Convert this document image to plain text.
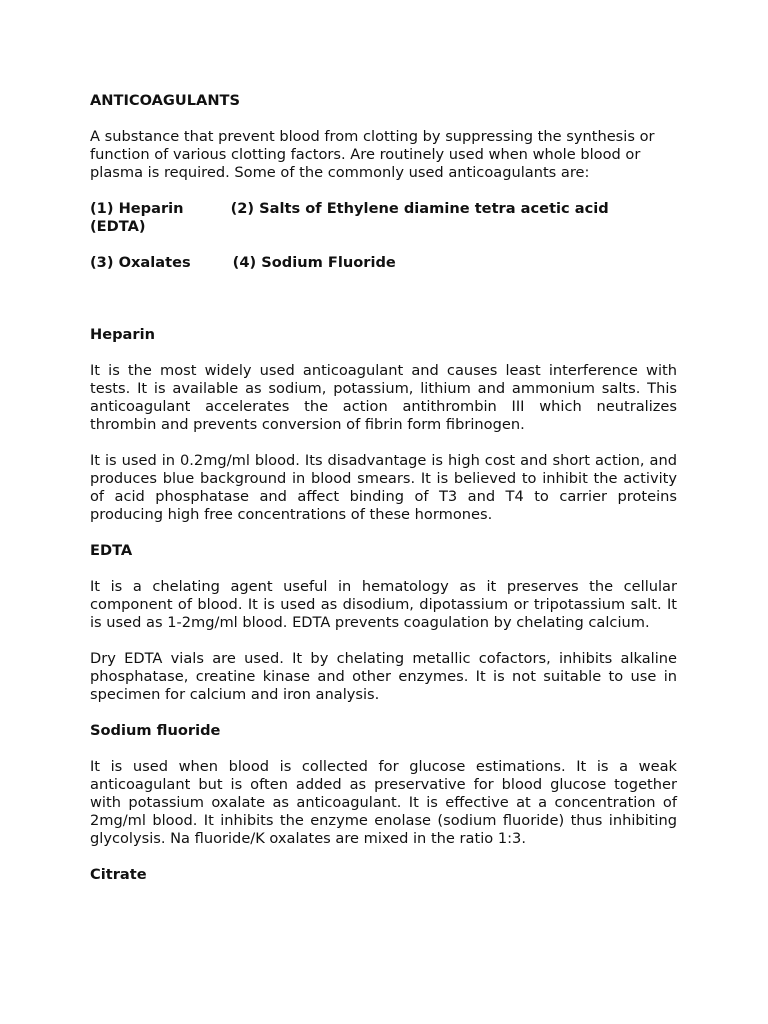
ANTICOAGULANTS
A substance that prevent blood from clotting by suppressing the synthesis or function of various clotting factors. Are routinely used when whole blood or plasma is required. Some of the commonly used anticoagulants are:
(1) Heparin	(2) Salts of Ethylene diamine tetra acetic acid
(EDTA)
(3) Oxalates	(4) Sodium Fluoride
Heparin
It is the most widely used anticoagulant and causes least interference with tests. It is available as sodium, potassium, lithium and ammonium salts. This anticoagulant accelerates the action antithrombin III which neutralizes thrombin and prevents conversion of fibrin form fibrinogen.
It is used in 0.2mg/ml blood. Its disadvantage is high cost and short action, and produces blue background in blood smears. It is believed to inhibit the activity of acid phosphatase and affect binding of T3 and T4 to carrier proteins producing high free concentrations of these hormones.
EDTA
It is a chelating agent useful in hematology as it preserves the cellular component of blood. It is used as disodium, dipotassium or tripotassium salt. It is used as 1-2mg/ml blood. EDTA prevents coagulation by chelating calcium.
Dry EDTA vials are used. It by chelating metallic cofactors, inhibits alkaline phosphatase, creatine kinase and other enzymes. It is not suitable to use in specimen for calcium and iron analysis.
Sodium fluoride
It is used when blood is collected for glucose estimations. It is a weak anticoagulant but is often added as preservative for blood glucose together with potassium oxalate as anticoagulant. It is effective at a concentration of 2mg/ml blood. It inhibits the enzyme enolase (sodium fluoride) thus inhibiting glycolysis. Na fluoride/K oxalates are mixed in the ratio 1:3.
Citrate
